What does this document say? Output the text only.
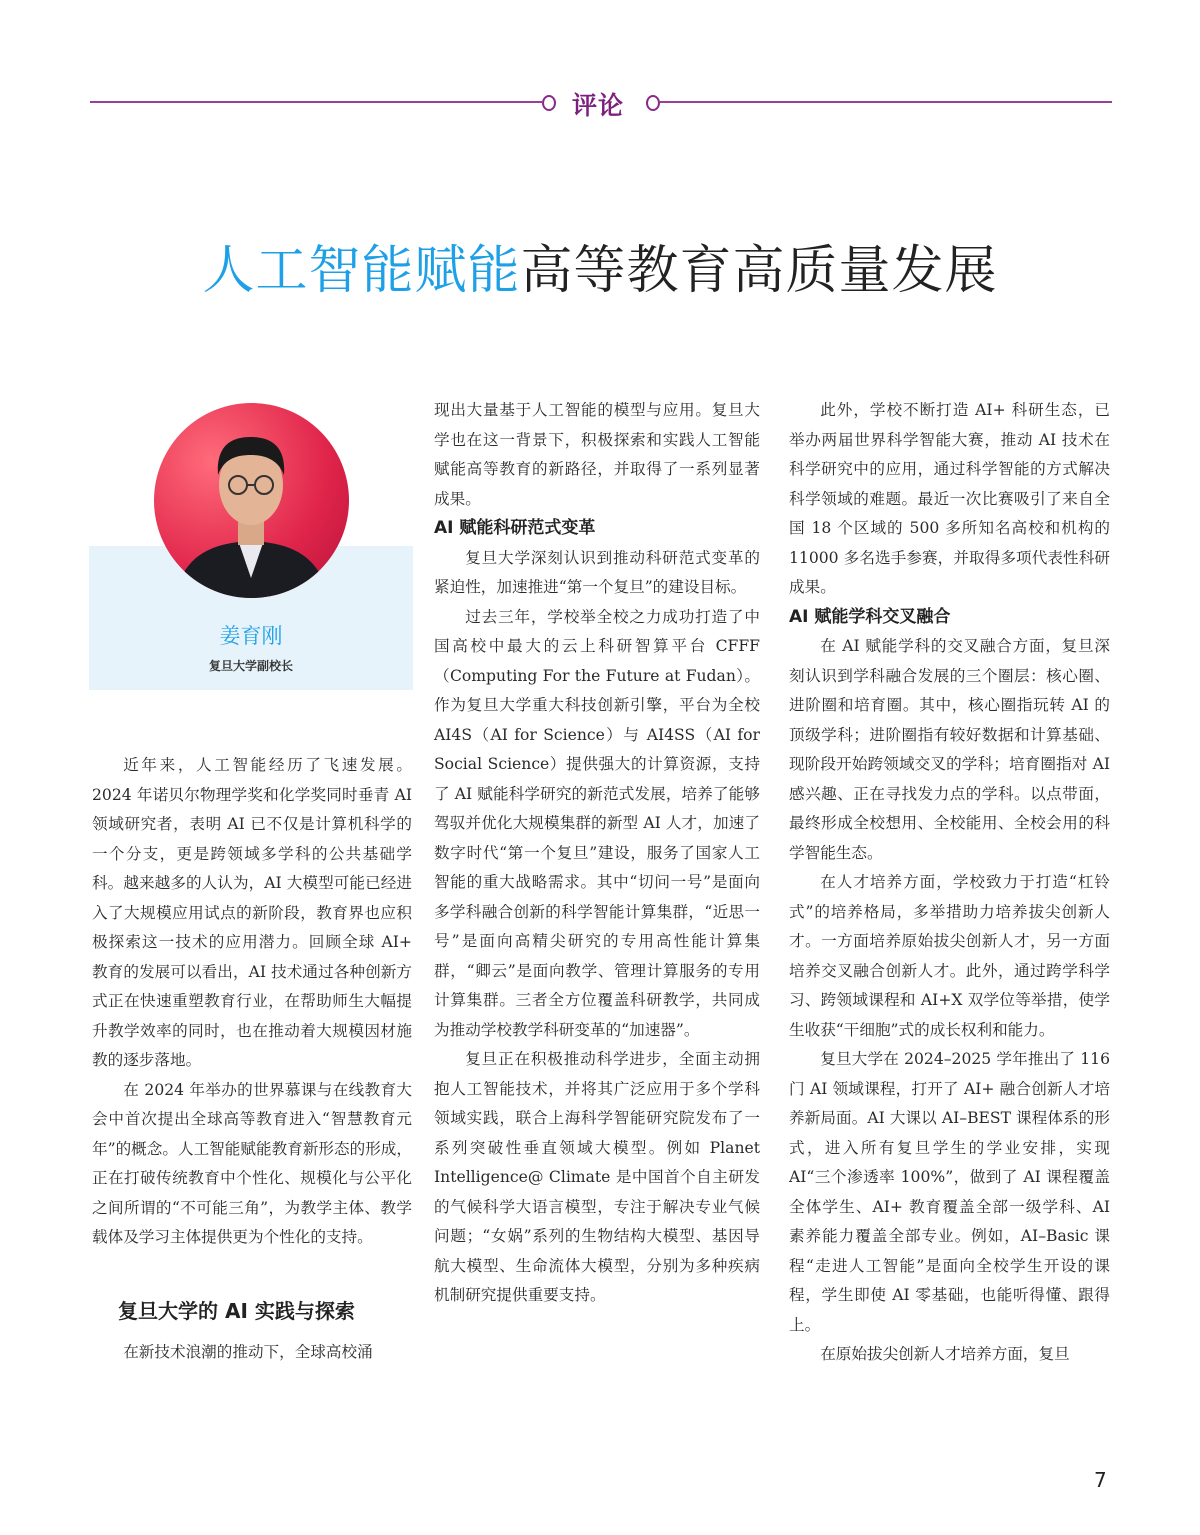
评论
人工智能赋能高等教育高质量发展
姜育刚
复旦大学副校长

近年来，人工智能经历了飞速发展。2024 年诺贝尔物理学奖和化学奖同时垂青 AI 领域研究者，表明 AI 已不仅是计算机科学的一个分支，更是跨领域多学科的公共基础学科。越来越多的人认为，AI 大模型可能已经进入了大规模应用试点的新阶段，教育界也应积极探索这一技术的应用潜力。回顾全球 AI+ 教育的发展可以看出，AI 技术通过各种创新方式正在快速重塑教育行业，在帮助师生大幅提升教学效率的同时，也在推动着大规模因材施教的逐步落地。

在 2024 年举办的世界慕课与在线教育大会中首次提出全球高等教育进入“智慧教育元年”的概念。人工智能赋能教育新形态的形成，正在打破传统教育中个性化、规模化与公平化之间所谓的“不可能三角”，为教学主体、教学载体及学习主体提供更为个性化的支持。

复旦大学的 AI 实践与探索

在新技术浪潮的推动下，全球高校涌

现出大量基于人工智能的模型与应用。复旦大学也在这一背景下，积极探索和实践人工智能赋能高等教育的新路径，并取得了一系列显著成果。

AI 赋能科研范式变革

复旦大学深刻认识到推动科研范式变革的紧迫性，加速推进“第一个复旦”的建设目标。

过去三年，学校举全校之力成功打造了中国高校中最大的云上科研智算平台 CFFF（Computing For the Future at Fudan）。作为复旦大学重大科技创新引擎，平台为全校 AI4S（AI for Science）与 AI4SS（AI for Social Science）提供强大的计算资源，支持了 AI 赋能科学研究的新范式发展，培养了能够驾驭并优化大规模集群的新型 AI 人才，加速了数字时代“第一个复旦”建设，服务了国家人工智能的重大战略需求。其中“切问一号”是面向多学科融合创新的科学智能计算集群，“近思一号”是面向高精尖研究的专用高性能计算集群，“卿云”是面向教学、管理计算服务的专用计算集群。三者全方位覆盖科研教学，共同成为推动学校教学科研变革的“加速器”。

复旦正在积极推动科学进步，全面主动拥抱人工智能技术，并将其广泛应用于多个学科领域实践，联合上海科学智能研究院发布了一系列突破性垂直领域大模型。例如 Planet Intelligence@ Climate 是中国首个自主研发的气候科学大语言模型，专注于解决专业气候问题；“女娲”系列的生物结构大模型、基因导航大模型、生命流体大模型，分别为多种疾病机制研究提供重要支持。

此外，学校不断打造 AI+ 科研生态，已举办两届世界科学智能大赛，推动 AI 技术在科学研究中的应用，通过科学智能的方式解决科学领域的难题。最近一次比赛吸引了来自全国 18 个区域的 500 多所知名高校和机构的 11000 多名选手参赛，并取得多项代表性科研成果。

AI 赋能学科交叉融合

在 AI 赋能学科的交叉融合方面，复旦深刻认识到学科融合发展的三个圈层：核心圈、进阶圈和培育圈。其中，核心圈指玩转 AI 的顶级学科；进阶圈指有较好数据和计算基础、现阶段开始跨领域交叉的学科；培育圈指对 AI 感兴趣、正在寻找发力点的学科。以点带面，最终形成全校想用、全校能用、全校会用的科学智能生态。

在人才培养方面，学校致力于打造“杠铃式”的培养格局，多举措助力培养拔尖创新人才。一方面培养原始拔尖创新人才，另一方面培养交叉融合创新人才。此外，通过跨学科学习、跨领域课程和 AI+X 双学位等举措，使学生收获“干细胞”式的成长权利和能力。

复旦大学在 2024–2025 学年推出了 116 门 AI 领域课程，打开了 AI+ 融合创新人才培养新局面。AI 大课以 AI–BEST 课程体系的形式，进入所有复旦学生的学业安排，实现 AI“三个渗透率 100%”，做到了 AI 课程覆盖全体学生、AI+ 教育覆盖全部一级学科、AI 素养能力覆盖全部专业。例如，AI–Basic 课程“走进人工智能”是面向全校学生开设的课程，学生即使 AI 零基础，也能听得懂、跟得上。

在原始拔尖创新人才培养方面，复旦

7
